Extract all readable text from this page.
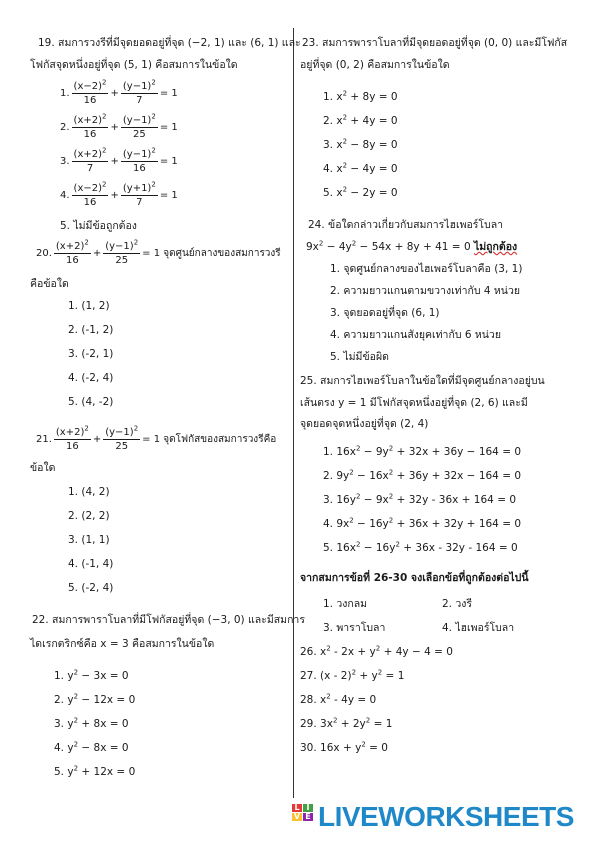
19. สมการวงรีที่มีจุดยอดอยู่ที่จุด (−2, 1) และ (6, 1) และ
โฟกัสจุดหนึ่งอยู่ที่จุด (5, 1) คือสมการในข้อใด
1.
$(x-2)^2$
16
+ $\frac{(y-1)^2}{7} = 1$
2.
$(x+2)^2$
16
+ $\frac{(y-1)^2}{25} = 1$
3.
$(x+2)^2$
7
+ $\frac{(y-1)^2}{16} = 1$
4.
$(x-2)^2$
16
+ $\frac{(y+1)^2}{7} = 1$
5. ไม่มีข้อถูกต้อง
20.
$(x+2)^2$
16
+ $\frac{(y-1)^2}{25} = 1$ จุดศูนย์กลางของสมการวงรี
คือข้อใด
1. (1, 2)
2. (-1, 2)
3. (-2, 1)
4. (-2, 4)
5. (4, -2)
21.
$(x+2)^2$
16
+ $\frac{(y-1)^2}{25} = 1$ จุดโฟกัสของสมการวงรีคือ
ข้อใด
1. (4, 2)
2. (2, 2)
3. (1, 1)
4. (-1, 4)
5. (-2, 4)
22. สมการพาราโบลาที่มีโฟกัสอยู่ที่จุด (−3, 0) และมีสมการ
ไดเรกตริกซ์คือ x = 3 คือสมการในข้อใด
1. $y^2 - 3x = 0$
2. $y^2 - 12x = 0$
3. $y^2 + 8x = 0$
4. $y^2 - 8x = 0$
5. $y^2 + 12x = 0$
23. สมการพาราโบลาที่มีจุดยอดอยู่ที่จุด (0, 0) และมีโฟกัส
อยู่ที่จุด (0, 2) คือสมการในข้อใด
1. $x^2 + 8y = 0$
2. $x^2 + 4y = 0$
3. $x^2 - 8y = 0$
4. $x^2 - 4y = 0$
5. $x^2 - 2y = 0$
24. ข้อใดกล่าวเกี่ยวกับสมการไฮเพอร์โบลา
$9x^2 - 4y^2 - 54x + 8y + 41 = 0$ ไม่ถูกต้อง
1. จุดศูนย์กลางของไฮเพอร์โบลาคือ (3, 1)
2. ความยาวแกนตามขวางเท่ากับ 4 หน่วย
3. จุดยอดอยู่ที่จุด (6, 1)
4. ความยาวแกนสังยุคเท่ากับ 6 หน่วย
5. ไม่มีข้อผิด
25. สมการไฮเพอร์โบลาในข้อใดที่มีจุดศูนย์กลางอยู่บน
เส้นตรง y = 1 มีโฟกัสจุดหนึ่งอยู่ที่จุด (2, 6) และมี
จุดยอดจุดหนึ่งอยู่ที่จุด (2, 4)
1. $16x^2 - 9y^2 + 32x + 36y - 164 = 0$
2. $9y^2 - 16x^2 + 36y + 32x - 164 = 0$
3. $16y^2 - 9x^2 + 32y - 36x + 164 = 0$
4. $9x^2 - 16y^2 + 36x + 32y + 164 = 0$
5. $16x^2 - 16y^2 + 36x - 32y - 164 = 0$
จากสมการข้อที่ 26-30 จงเลือกข้อที่ถูกต้องต่อไปนี้
1. วงกลม	2. วงรี
3. พาราโบลา	4. ไฮเพอร์โบลา
26. $x^2 - 2x + y^2 + 4y - 4 = 0$
27. $(x - 2)^2 + y^2 = 1$
28. $x^2 - 4y = 0$
29. $3x^2 + 2y^2 = 1$
30. $16x + y^2 = 0$
L I
V E LIVEWORKSHEETS
